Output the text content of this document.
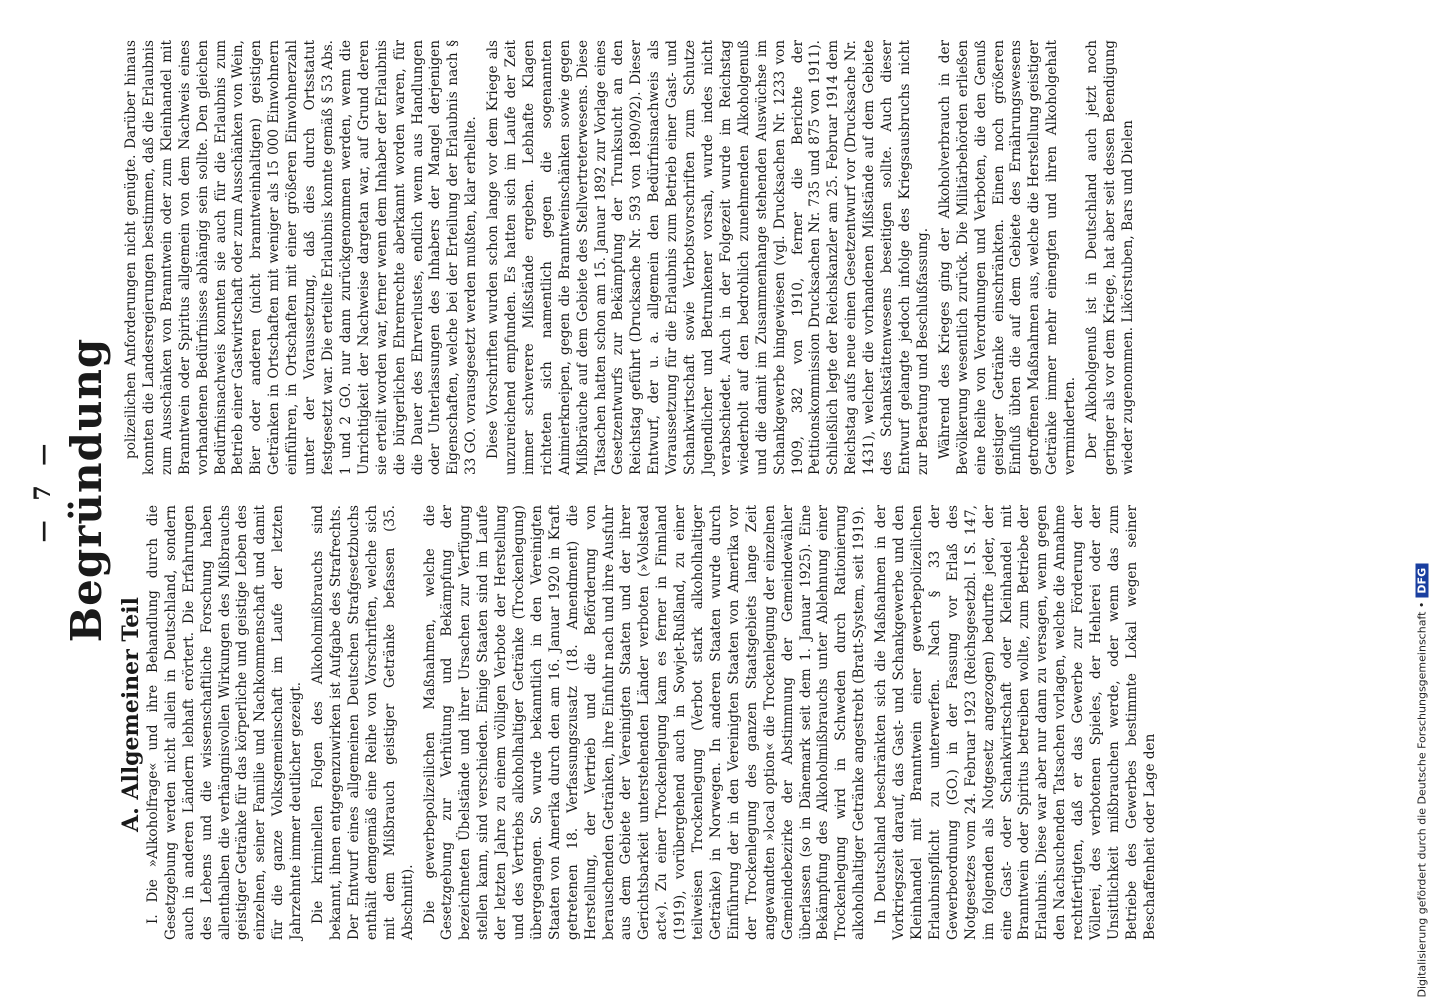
— 7 — Begründung

A. Allgemeiner Teil I. Die »Alkoholfrage« und ihre Behandlung durch die Gesetzgebung werden nicht allein in Deutschland, sondern auch in anderen Ländern lebhaft erörtert. Die Erfahrungen des Lebens und die wissenschaftliche Forschung haben allenthalben die verhängnisvollen Wirkungen des Mißbrauchs geistiger Getränke für das körperliche und geistige Leben des einzelnen, seiner Familie und Nachkommenschaft und damit für die ganze Volksgemeinschaft im Laufe der letzten Jahrzehnte immer deutlicher gezeigt. Die kriminellen Folgen des Alkoholmißbrauchs sind bekannt, ihnen entgegenzuwirken ist Aufgabe des Strafrechts. Der Entwurf eines allgemeinen Deutschen Strafgesetzbuchs enthält demgemäß eine Reihe von Vorschriften, welche sich mit dem Mißbrauch geistiger Getränke befassen (35. Abschnitt). Die gewerbepolizeilichen Maßnahmen, welche die Gesetzgebung zur Verhütung und Bekämpfung der bezeichneten Übelstände und ihrer Ursachen zur Verfügung stellen kann, sind verschieden. Einige Staaten sind im Laufe der letzten Jahre zu einem völligen Verbote der Herstellung und des Vertriebs alkoholhaltiger Getränke (Trockenlegung) übergegangen. So wurde bekanntlich in den Vereinigten Staaten von Amerika durch den am 16. Januar 1920 in Kraft getretenen 18. Verfassungszusatz (18. Amendment) die Herstellung, der Vertrieb und die Beförderung von berauschenden Getränken, ihre Einfuhr nach und ihre Ausfuhr aus dem Gebiete der Vereinigten Staaten und der ihrer Gerichtsbarkeit unterstehenden Länder verboten (»Volstead act«). Zu einer Trockenlegung kam es ferner in Finnland (1919), vorübergehend auch in Sowjet-Rußland, zu einer teilweisen Trockenlegung (Verbot stark alkoholhaltiger Getränke) in Norwegen. In anderen Staaten wurde durch Einführung der in den Vereinigten Staaten von Amerika vor der Trockenlegung des ganzen Staatsgebiets lange Zeit angewandten »local option« die Trockenlegung der einzelnen Gemeindebezirke der Abstimmung der Gemeindewähler überlassen (so in Dänemark seit dem 1. Januar 1925). Eine Bekämpfung des Alkoholmißbrauchs unter Ablehnung einer Trockenlegung wird in Schweden durch Rationierung alkoholhaltiger Getränke angestrebt (Bratt-System, seit 1919). In Deutschland beschränkten sich die Maßnahmen in der Vorkriegszeit darauf, das Gast- und Schankgewerbe und den Kleinhandel mit Branntwein einer gewerbepolizeilichen Erlaubnispflicht zu unterwerfen. Nach § 33 der Gewerbeordnung (GO.) in der Fassung vor Erlaß des Notgesetzes vom 24. Februar 1923 (Reichsgesetzbl. I S. 147, im folgenden als Notgesetz angezogen) bedurfte jeder, der eine Gast- oder Schankwirtschaft oder Kleinhandel mit Branntwein oder Spiritus betreiben wollte, zum Betriebe der Erlaubnis. Diese war aber nur dann zu versagen, wenn gegen den Nachsuchenden Tatsachen vorlagen, welche die Annahme rechtfertigten, daß er das Gewerbe zur Förderung der Völlerei, des verbotenen Spieles, der Hehlerei oder der Unsittlichkeit mißbrauchen werde, oder wenn das zum Betriebe des Gewerbes bestimmte Lokal wegen seiner Beschaffenheit oder Lage den

polizeilichen Anforderungen nicht genügte. Darüber hinaus konnten die Landesregierungen bestimmen, daß die Erlaubnis zum Ausschänken von Branntwein oder zum Kleinhandel mit Branntwein oder Spiritus allgemein von dem Nachweis eines vorhandenen Bedürfnisses abhängig sein sollte. Den gleichen Bedürfnisnachweis konnten sie auch für die Erlaubnis zum Betrieb einer Gastwirtschaft oder zum Ausschänken von Wein, Bier oder anderen (nicht branntweinhaltigen) geistigen Getränken in Ortschaften mit weniger als 15 000 Einwohnern einführen, in Ortschaften mit einer größeren Einwohnerzahl unter der Voraussetzung, daß dies durch Ortsstatut festgesetzt war. Die erteilte Erlaubnis konnte gemäß § 53 Abs. 1 und 2 GO. nur dann zurückgenommen werden, wenn die Unrichtigkeit der Nachweise dargetan war, auf Grund deren sie erteilt worden war, ferner wenn dem Inhaber der Erlaubnis die bürgerlichen Ehrenrechte aberkannt worden waren, für die Dauer des Ehrverlustes, endlich wenn aus Handlungen oder Unterlassungen des Inhabers der Mangel derjenigen Eigenschaften, welche bei der Erteilung der Erlaubnis nach § 33 GO. vorausgesetzt werden mußten, klar erhellte. Diese Vorschriften wurden schon lange vor dem Kriege als unzureichend empfunden. Es hatten sich im Laufe der Zeit immer schwerere Mißstände ergeben. Lebhafte Klagen richteten sich namentlich gegen die sogenannten Animierkneipen, gegen die Branntweinschänken sowie gegen Mißbräuche auf dem Gebiete des Stellvertreterwesens. Diese Tatsachen hatten schon am 15. Januar 1892 zur Vorlage eines Gesetzentwurfs zur Bekämpfung der Trunksucht an den Reichstag geführt (Drucksache Nr. 593 von 1890/92). Dieser Entwurf, der u. a. allgemein den Bedürfnisnachweis als Voraussetzung für die Erlaubnis zum Betrieb einer Gast- und Schankwirtschaft sowie Verbotsvorschriften zum Schutze Jugendlicher und Betrunkener vorsah, wurde indes nicht verabschiedet. Auch in der Folgezeit wurde im Reichstag wiederholt auf den bedrohlich zunehmenden Alkoholgenuß und die damit im Zusammenhange stehenden Auswüchse im Schankgewerbe hingewiesen (vgl. Drucksachen Nr. 1233 von 1909, 382 von 1910, ferner die Berichte der Petitionskommission Drucksachen Nr. 735 und 875 von 1911). Schließlich legte der Reichskanzler am 25. Februar 1914 dem Reichstag aufs neue einen Gesetzentwurf vor (Drucksache Nr. 1431), welcher die vorhandenen Mißstände auf dem Gebiete des Schankstättenwesens beseitigen sollte. Auch dieser Entwurf gelangte jedoch infolge des Kriegsausbruchs nicht zur Beratung und Beschlußfassung. Während des Krieges ging der Alkoholverbrauch in der Bevölkerung wesentlich zurück. Die Militärbehörden erließen eine Reihe von Verordnungen und Verboten, die den Genuß geistiger Getränke einschränkten. Einen noch größeren Einfluß übten die auf dem Gebiete des Ernährungswesens getroffenen Maßnahmen aus, welche die Herstellung geistiger Getränke immer mehr einengten und ihren Alkoholgehalt verminderten. Der Alkoholgenuß ist in Deutschland auch jetzt noch geringer als vor dem Kriege, hat aber seit dessen Beendigung wieder zugenommen. Likörstuben, Bars und Dielen

Digitalisierung gefördert durch die Deutsche Forschungsgemeinschaft •DFG
